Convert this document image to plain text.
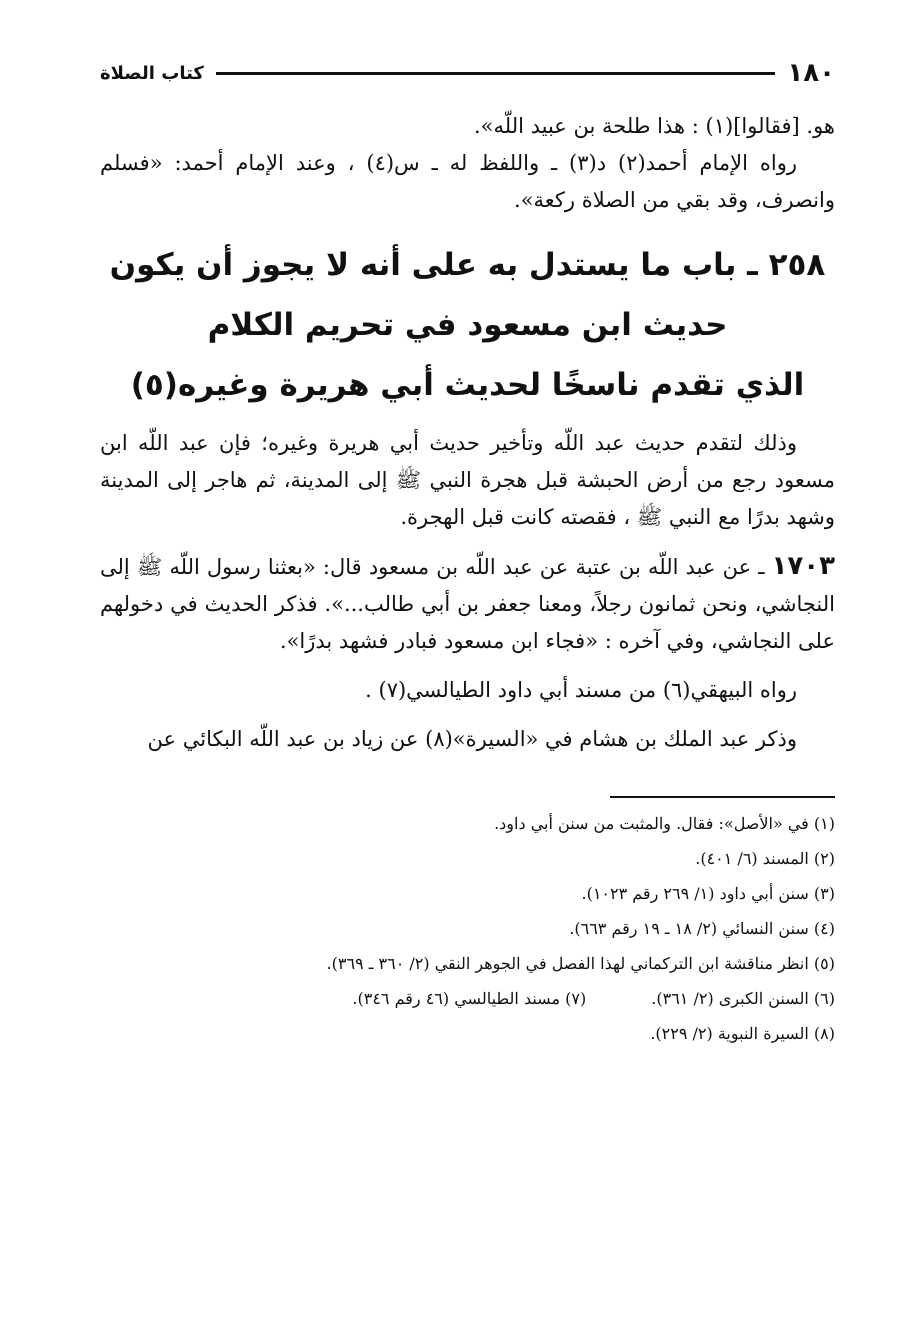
١٨٠
كتاب الصلاة

هو. [فقالوا](١) : هذا طلحة بن عبيد اللّه».

رواه الإمام أحمد(٢) د(٣) ـ واللفظ له ـ س(٤) ، وعند الإمام أحمد: «فسلم وانصرف، وقد بقي من الصلاة ركعة».

٢٥٨ ـ باب ما يستدل به على أنه لا يجوز أن يكون
حديث ابن مسعود في تحريم الكلام
الذي تقدم ناسخًا لحديث أبي هريرة وغيره(٥)

وذلك لتقدم حديث عبد اللّه وتأخير حديث أبي هريرة وغيره؛ فإن عبد اللّه ابن مسعود رجع من أرض الحبشة قبل هجرة النبي ﷺ إلى المدينة، ثم هاجر إلى المدينة وشهد بدرًا مع النبي ﷺ ، فقصته كانت قبل الهجرة.

١٧٠٣ ـ عن عبد اللّه بن عتبة عن عبد اللّه بن مسعود قال: «بعثنا رسول اللّه ﷺ إلى النجاشي، ونحن ثمانون رجلاً، ومعنا جعفر بن أبي طالب...». فذكر الحديث في دخولهم على النجاشي، وفي آخره : «فجاء ابن مسعود فبادر فشهد بدرًا».

رواه البيهقي(٦) من مسند أبي داود الطيالسي(٧) .

وذكر عبد الملك بن هشام في «السيرة»(٨) عن زياد بن عبد اللّه البكائي عن

(١) في «الأصل»: فقال. والمثبت من سنن أبي داود.
(٢) المسند (٦/ ٤٠١).
(٣) سنن أبي داود (١/ ٢٦٩ رقم ١٠٢٣).
(٤) سنن النسائي (٢/ ١٨ ـ ١٩ رقم ٦٦٣).
(٥) انظر مناقشة ابن التركماني لهذا الفصل في الجوهر النقي (٢/ ٣٦٠ ـ ٣٦٩).
(٦) السنن الكبرى (٢/ ٣٦١). (٧) مسند الطيالسي (٤٦ رقم ٣٤٦).
(٨) السيرة النبوية (٢/ ٢٢٩).
